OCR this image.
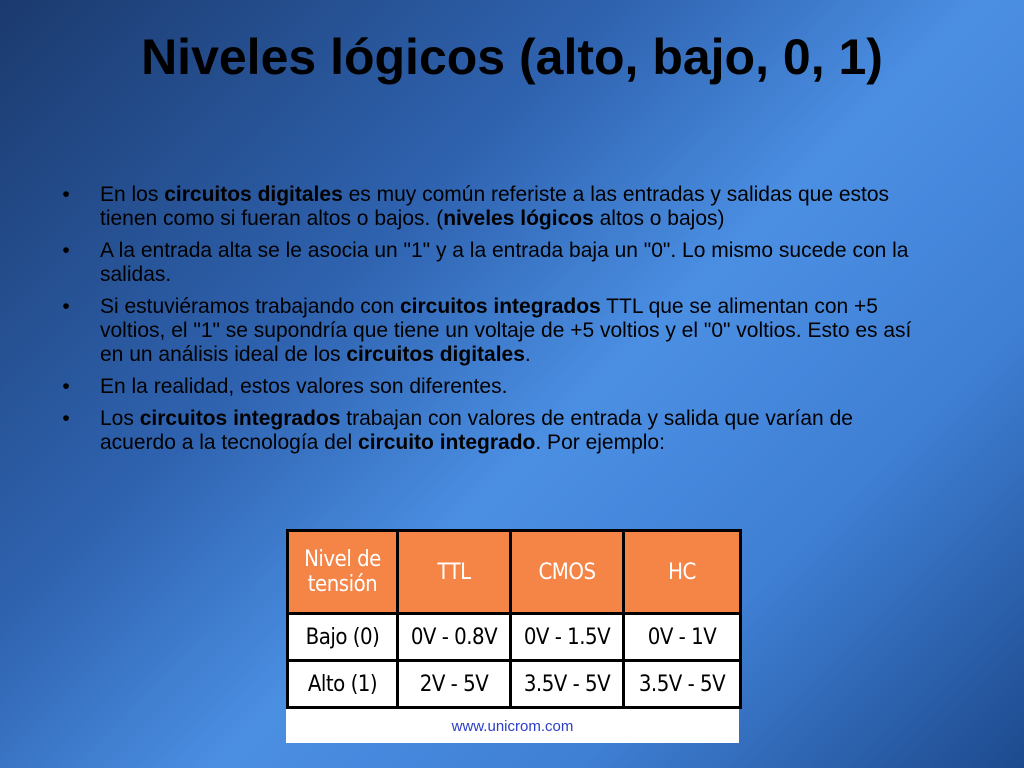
Niveles lógicos (alto, bajo, 0, 1)
•	En los circuitos digitales es muy común referiste a las entradas y salidas que estos tienen como si fueran altos o bajos. (niveles lógicos altos o bajos)
•	A la entrada alta se le asocia un "1" y a la entrada baja un "0". Lo mismo sucede con la salidas.
•	Si estuviéramos trabajando con circuitos integrados TTL que se alimentan con +5 voltios, el "1" se supondría que tiene un voltaje de +5 voltios y el "0" voltios. Esto es así en un análisis ideal de los circuitos digitales.
•	En la realidad, estos valores son diferentes.
•	Los circuitos integrados trabajan con valores de entrada y salida que varían de acuerdo a la tecnología del circuito integrado. Por ejemplo:
Nivel de tensión	TTL	CMOS	HC
Bajo (0)	0V - 0.8V	0V - 1.5V	0V - 1V
Alto (1)	2V - 5V	3.5V - 5V	3.5V - 5V
www.unicrom.com
